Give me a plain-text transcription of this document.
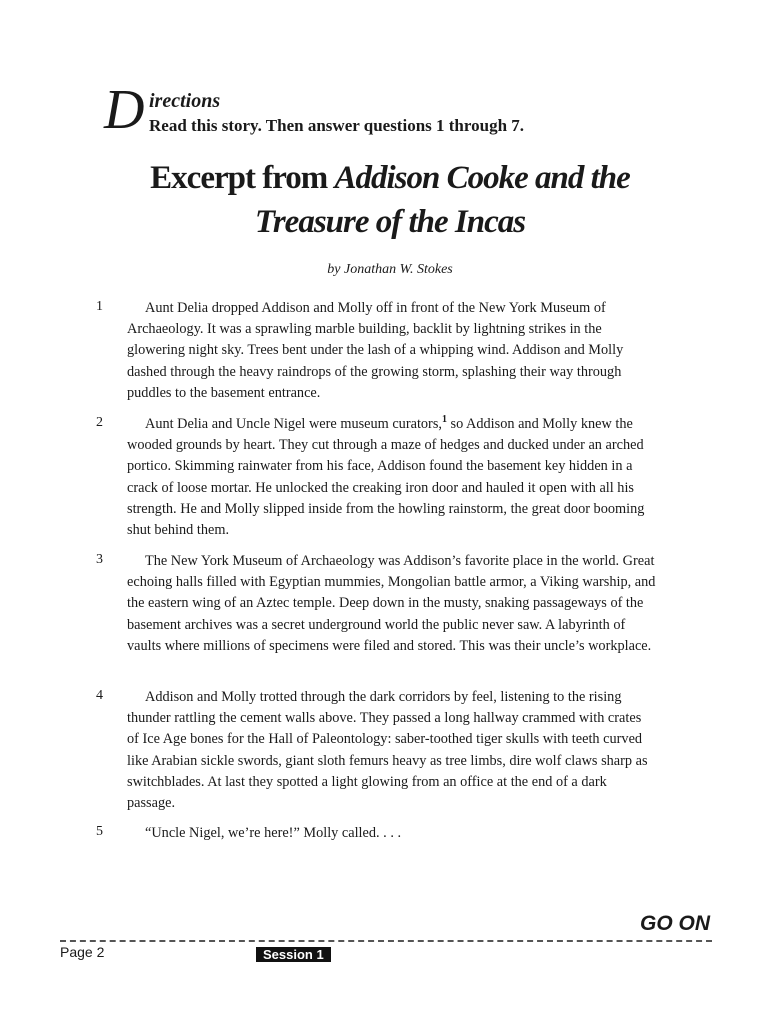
D irections
Read this story. Then answer questions 1 through 7.
Excerpt from Addison Cooke and the
Treasure of the Incas
by Jonathan W. Stokes
1	Aunt Delia dropped Addison and Molly off in front of the New York Museum of Archaeology. It was a sprawling marble building, backlit by lightning strikes in the glowering night sky. Trees bent under the lash of a whipping wind. Addison and Molly dashed through the heavy raindrops of the growing storm, splashing their way through puddles to the basement entrance.

2	Aunt Delia and Uncle Nigel were museum curators,$^1$ so Addison and Molly knew the wooded grounds by heart. They cut through a maze of hedges and ducked under an arched portico. Skimming rainwater from his face, Addison found the basement key hidden in a crack of loose mortar. He unlocked the creaking iron door and hauled it open with all his strength. He and Molly slipped inside from the howling rainstorm, the great door booming shut behind them.

3	The New York Museum of Archaeology was Addison’s favorite place in the world. Great echoing halls filled with Egyptian mummies, Mongolian battle armor, a Viking warship, and the eastern wing of an Aztec temple. Deep down in the musty, snaking passageways of the basement archives was a secret underground world the public never saw. A labyrinth of vaults where millions of specimens were filed and stored. This was their uncle’s workplace.

4	Addison and Molly trotted through the dark corridors by feel, listening to the rising thunder rattling the cement walls above. They passed a long hallway crammed with crates of Ice Age bones for the Hall of Paleontology: saber-toothed tiger skulls with teeth curved like Arabian sickle swords, giant sloth femurs heavy as tree limbs, dire wolf claws sharp as switchblades. At last they spotted a light glowing from an office at the end of a dark passage.

5	“Uncle Nigel, we’re here!” Molly called. . . .

GO ON
Page 2	Session 1
